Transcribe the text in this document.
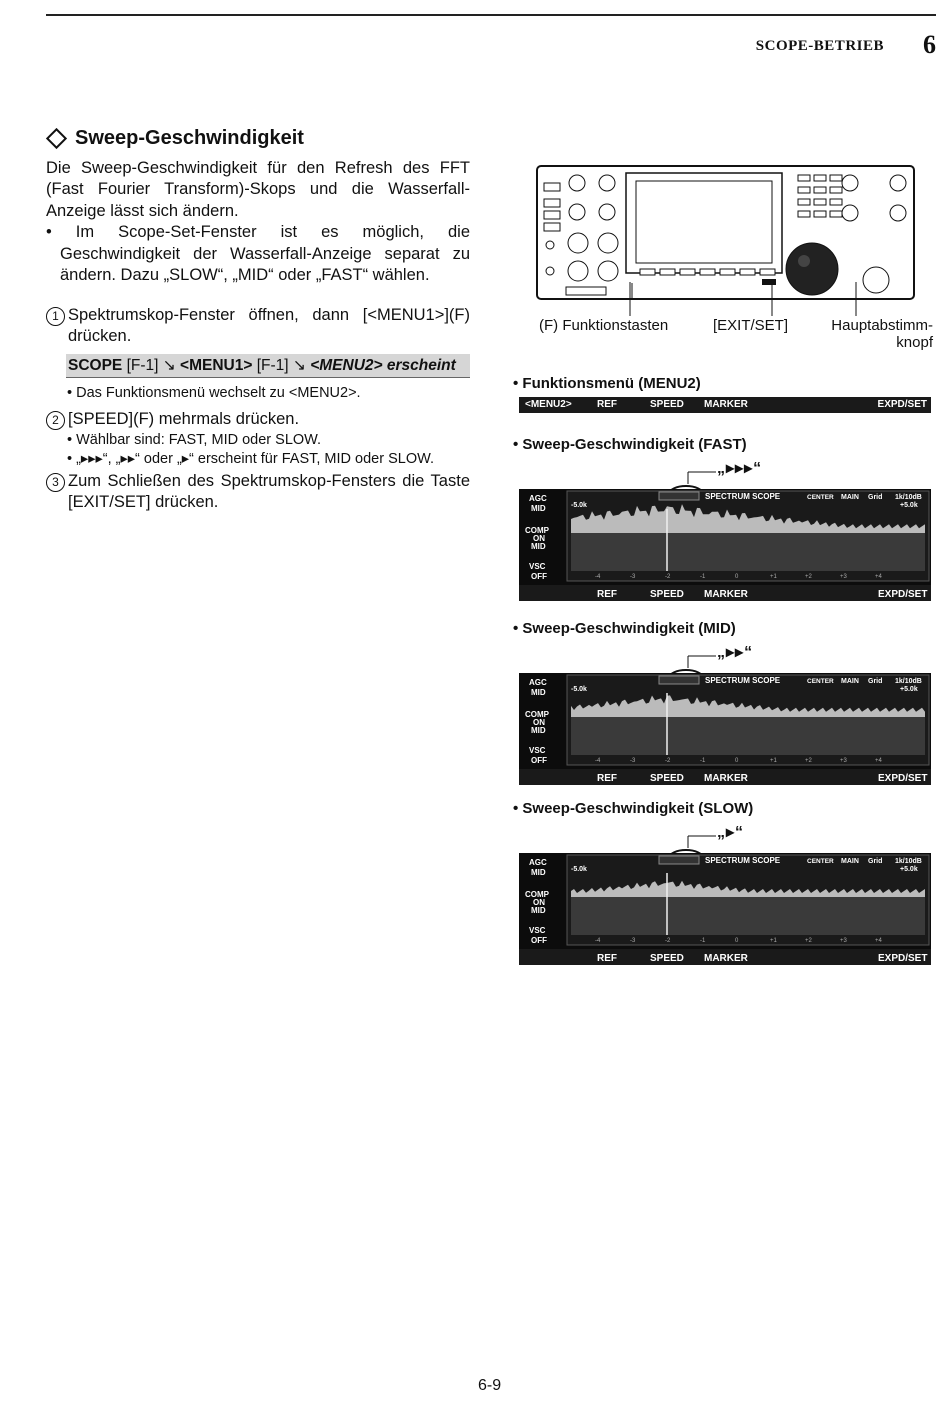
SCOPE-BETRIEB 6
Sweep-Geschwindigkeit
Die Sweep-Geschwindigkeit für den Refresh des FFT (Fast Fourier Transform)-Skops und die Wasserfall-Anzeige lässt sich ändern.
• Im Scope-Set-Fenster ist es möglich, die Geschwindigkeit der Wasserfall-Anzeige separat zu ändern. Dazu „SLOW“, „MID“ oder „FAST“ wählen.
1 Spektrumskop-Fenster öffnen, dann [<MENU1>](F) drücken.
SCOPE [F-1] ↘ <MENU1> [F-1] ↘ <MENU2> erscheint
• Das Funktionsmenü wechselt zu <MENU2>.
2 [SPEED](F) mehrmals drücken.
• Wählbar sind: FAST, MID oder SLOW.
• „▸▸▸“, „▸▸“ oder „▸“ erscheint für FAST, MID oder SLOW.
3 Zum Schließen des Spektrumskop-Fensters die Taste [EXIT/SET] drücken.
(F) Funktionstasten	[EXIT/SET]	Hauptabstimm-knopf
• Funktionsmenü (MENU2)
<MENU2>	REF	SPEED MARKER	EXPD/SET
• Sweep-Geschwindigkeit (FAST)
„▸▸▸“
AGC
MID
COMP
ON
MID
VSC
OFF
SPECTRUM SCOPE	CENTER MAIN Grid 1k/10dB
-5.0k	+5.0k
-4	-3	-2	-1	0	+1	+2	+3	+4
REF	SPEED MARKER	EXPD/SET
• Sweep-Geschwindigkeit (MID)
„▸▸“
AGC
MID
COMP
ON
MID
VSC
OFF
SPECTRUM SCOPE	CENTER MAIN Grid 1k/10dB
-5.0k	+5.0k
-4	-3	-2	-1	0	+1	+2	+3	+4
REF	SPEED MARKER	EXPD/SET
• Sweep-Geschwindigkeit (SLOW)
„▸“
AGC
MID
COMP
ON
MID
VSC
OFF
SPECTRUM SCOPE	CENTER MAIN Grid 1k/10dB
-5.0k	+5.0k
-4	-3	-2	-1	0	+1	+2	+3	+4
REF	SPEED MARKER	EXPD/SET
6-9
